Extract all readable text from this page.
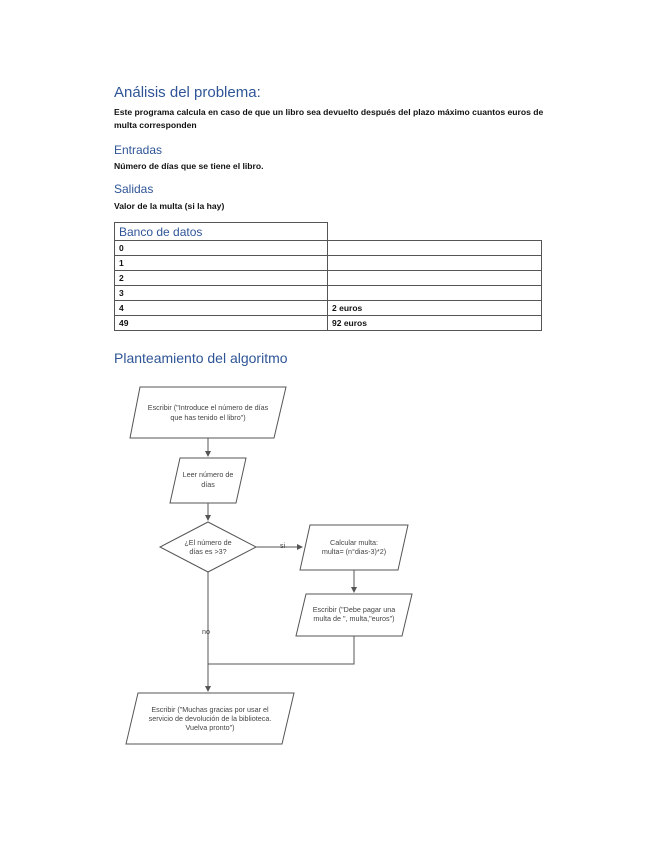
Análisis del problema:
Este programa calcula en caso de que un libro sea devuelto después del plazo máximo cuantos euros de multa corresponden
Entradas
Número de días que se tiene el libro.
Salidas
Valor de la multa (si la hay)
Banco de datos	
0	
1	
2	
3	
4	2 euros
49	92 euros
Planteamiento del algoritmo
Escribir ("Introduce el número de días
que has tenido el libro")
Leer número de
días
¿El número de
días es >3?
Calcular multa:
multa= (n°dias-3)*2)
Escribir ("Debe pagar una
multa de ", multa,"euros")
Escribir ("Muchas gracias por usar el
servicio de devolución de la biblioteca.
Vuelva pronto")
si
no
